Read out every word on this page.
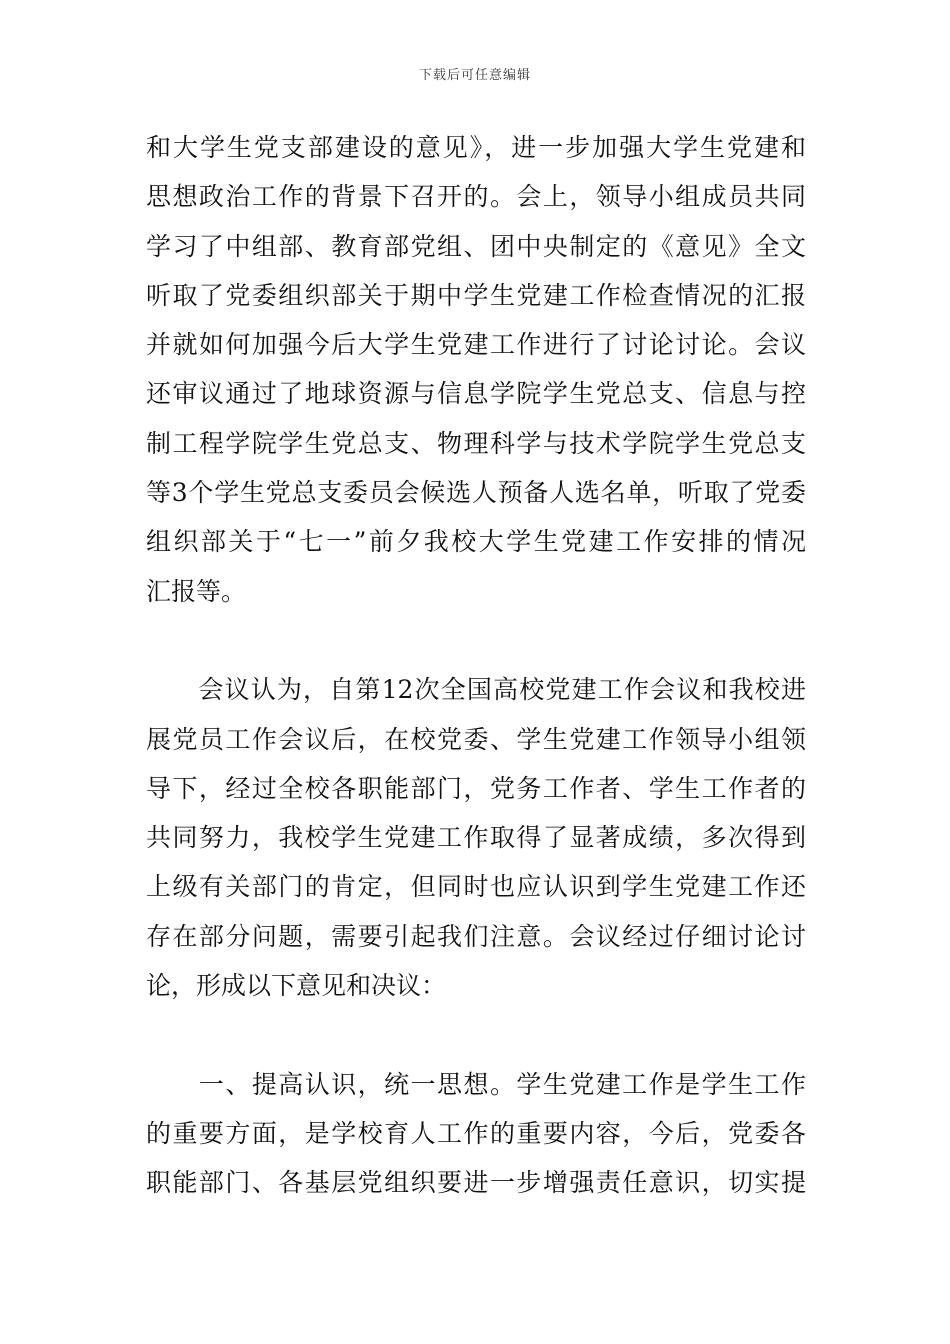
下载后可任意编辑
和大学生党支部建设的意见》，进一步加强大学生党建和
思想政治工作的背景下召开的。会上，领导小组成员共同
学习了中组部、教育部党组、团中央制定的《意见》全文
听取了党委组织部关于期中学生党建工作检查情况的汇报
并就如何加强今后大学生党建工作进行了讨论讨论。会议
还审议通过了地球资源与信息学院学生党总支、信息与控
制工程学院学生党总支、物理科学与技术学院学生党总支
等3个学生党总支委员会候选人预备人选名单，听取了党委
组织部关于“七一”前夕我校大学生党建工作安排的情况
汇报等。
　　会议认为，自第12次全国高校党建工作会议和我校进
展党员工作会议后，在校党委、学生党建工作领导小组领
导下，经过全校各职能部门，党务工作者、学生工作者的
共同努力，我校学生党建工作取得了显著成绩，多次得到
上级有关部门的肯定，但同时也应认识到学生党建工作还
存在部分问题，需要引起我们注意。会议经过仔细讨论讨
论，形成以下意见和决议：
　　一、提高认识，统一思想。学生党建工作是学生工作
的重要方面，是学校育人工作的重要内容，今后，党委各
职能部门、各基层党组织要进一步增强责任意识，切实提
